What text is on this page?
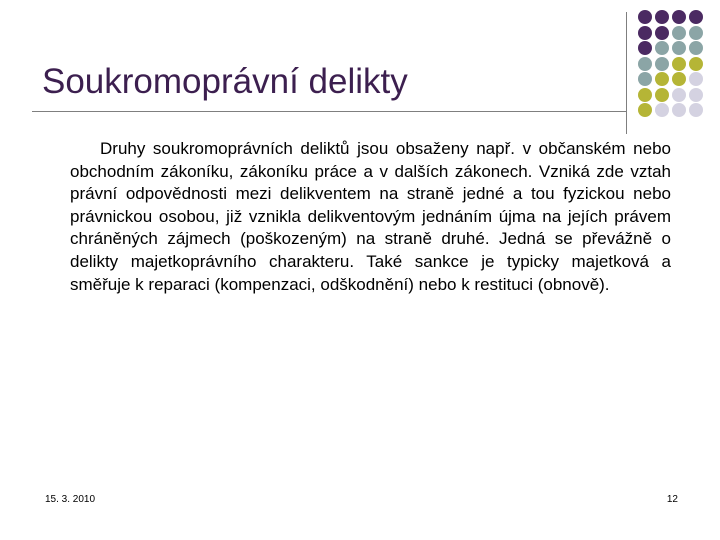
Soukromoprávní delikty

Druhy soukromoprávních deliktů jsou obsaženy např. v občanském nebo obchodním zákoníku, zákoníku práce a v dalších zákonech. Vzniká zde vztah právní odpovědnosti mezi delikventem na straně jedné a tou fyzickou nebo právnickou osobou, již vznikla delikventovým jednáním újma na jejích právem chráněných zájmech (poškozeným) na straně druhé. Jedná se převážně o delikty majetkoprávního charakteru. Také sankce je typicky majetková a směřuje k reparaci (kompenzaci, odškodnění) nebo k restituci (obnově).

15. 3. 2010	12
